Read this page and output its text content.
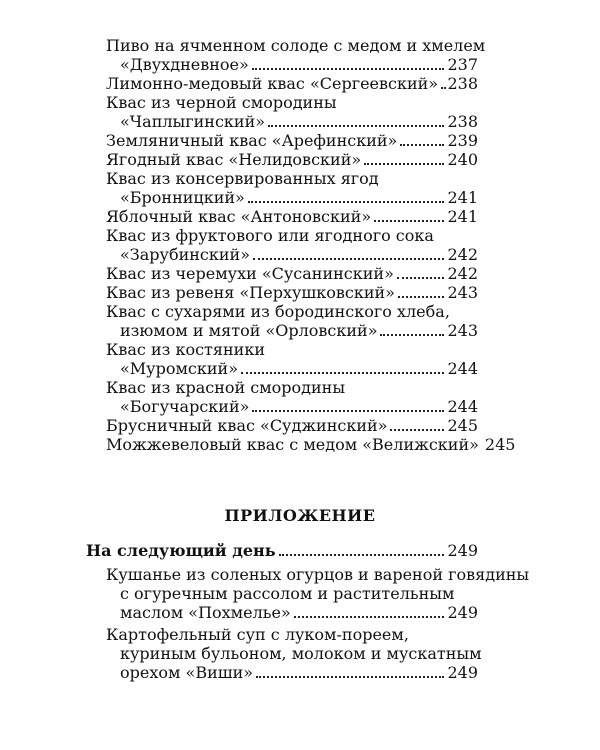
Пиво на ячменном солоде с медом и хмелем
«Двухдневное»	237
Лимонно-медовый квас «Сергеевский» 238
Квас из черной смородины
«Чаплыгинский»	238
Земляничный квас «Арефинский»	239
Ягодный квас «Нелидовский»	240
Квас из консервированных ягод
«Бронницкий»	241
Яблочный квас «Антоновский»	241
Квас из фруктового или ягодного сока
«Зарубинский»	242
Квас из черемухи «Сусанинский»	242
Квас из ревеня «Перхушковский»	243
Квас с сухарями из бородинского хлеба,
изюмом и мятой «Орловский»	243
Квас из костяники
«Муромский»	244
Квас из красной смородины
«Богучарский»	244
Брусничный квас «Суджинский»	245
Можжевеловый квас с медом «Велижский» 245
ПРИЛОЖЕНИЕ
На следующий день	249
Кушанье из соленых огурцов и вареной говядины
с огуречным рассолом и растительным
маслом «Похмелье»	249
Картофельный суп с луком-пореем,
куриным бульоном, молоком и мускатным
орехом «Виши»	249
